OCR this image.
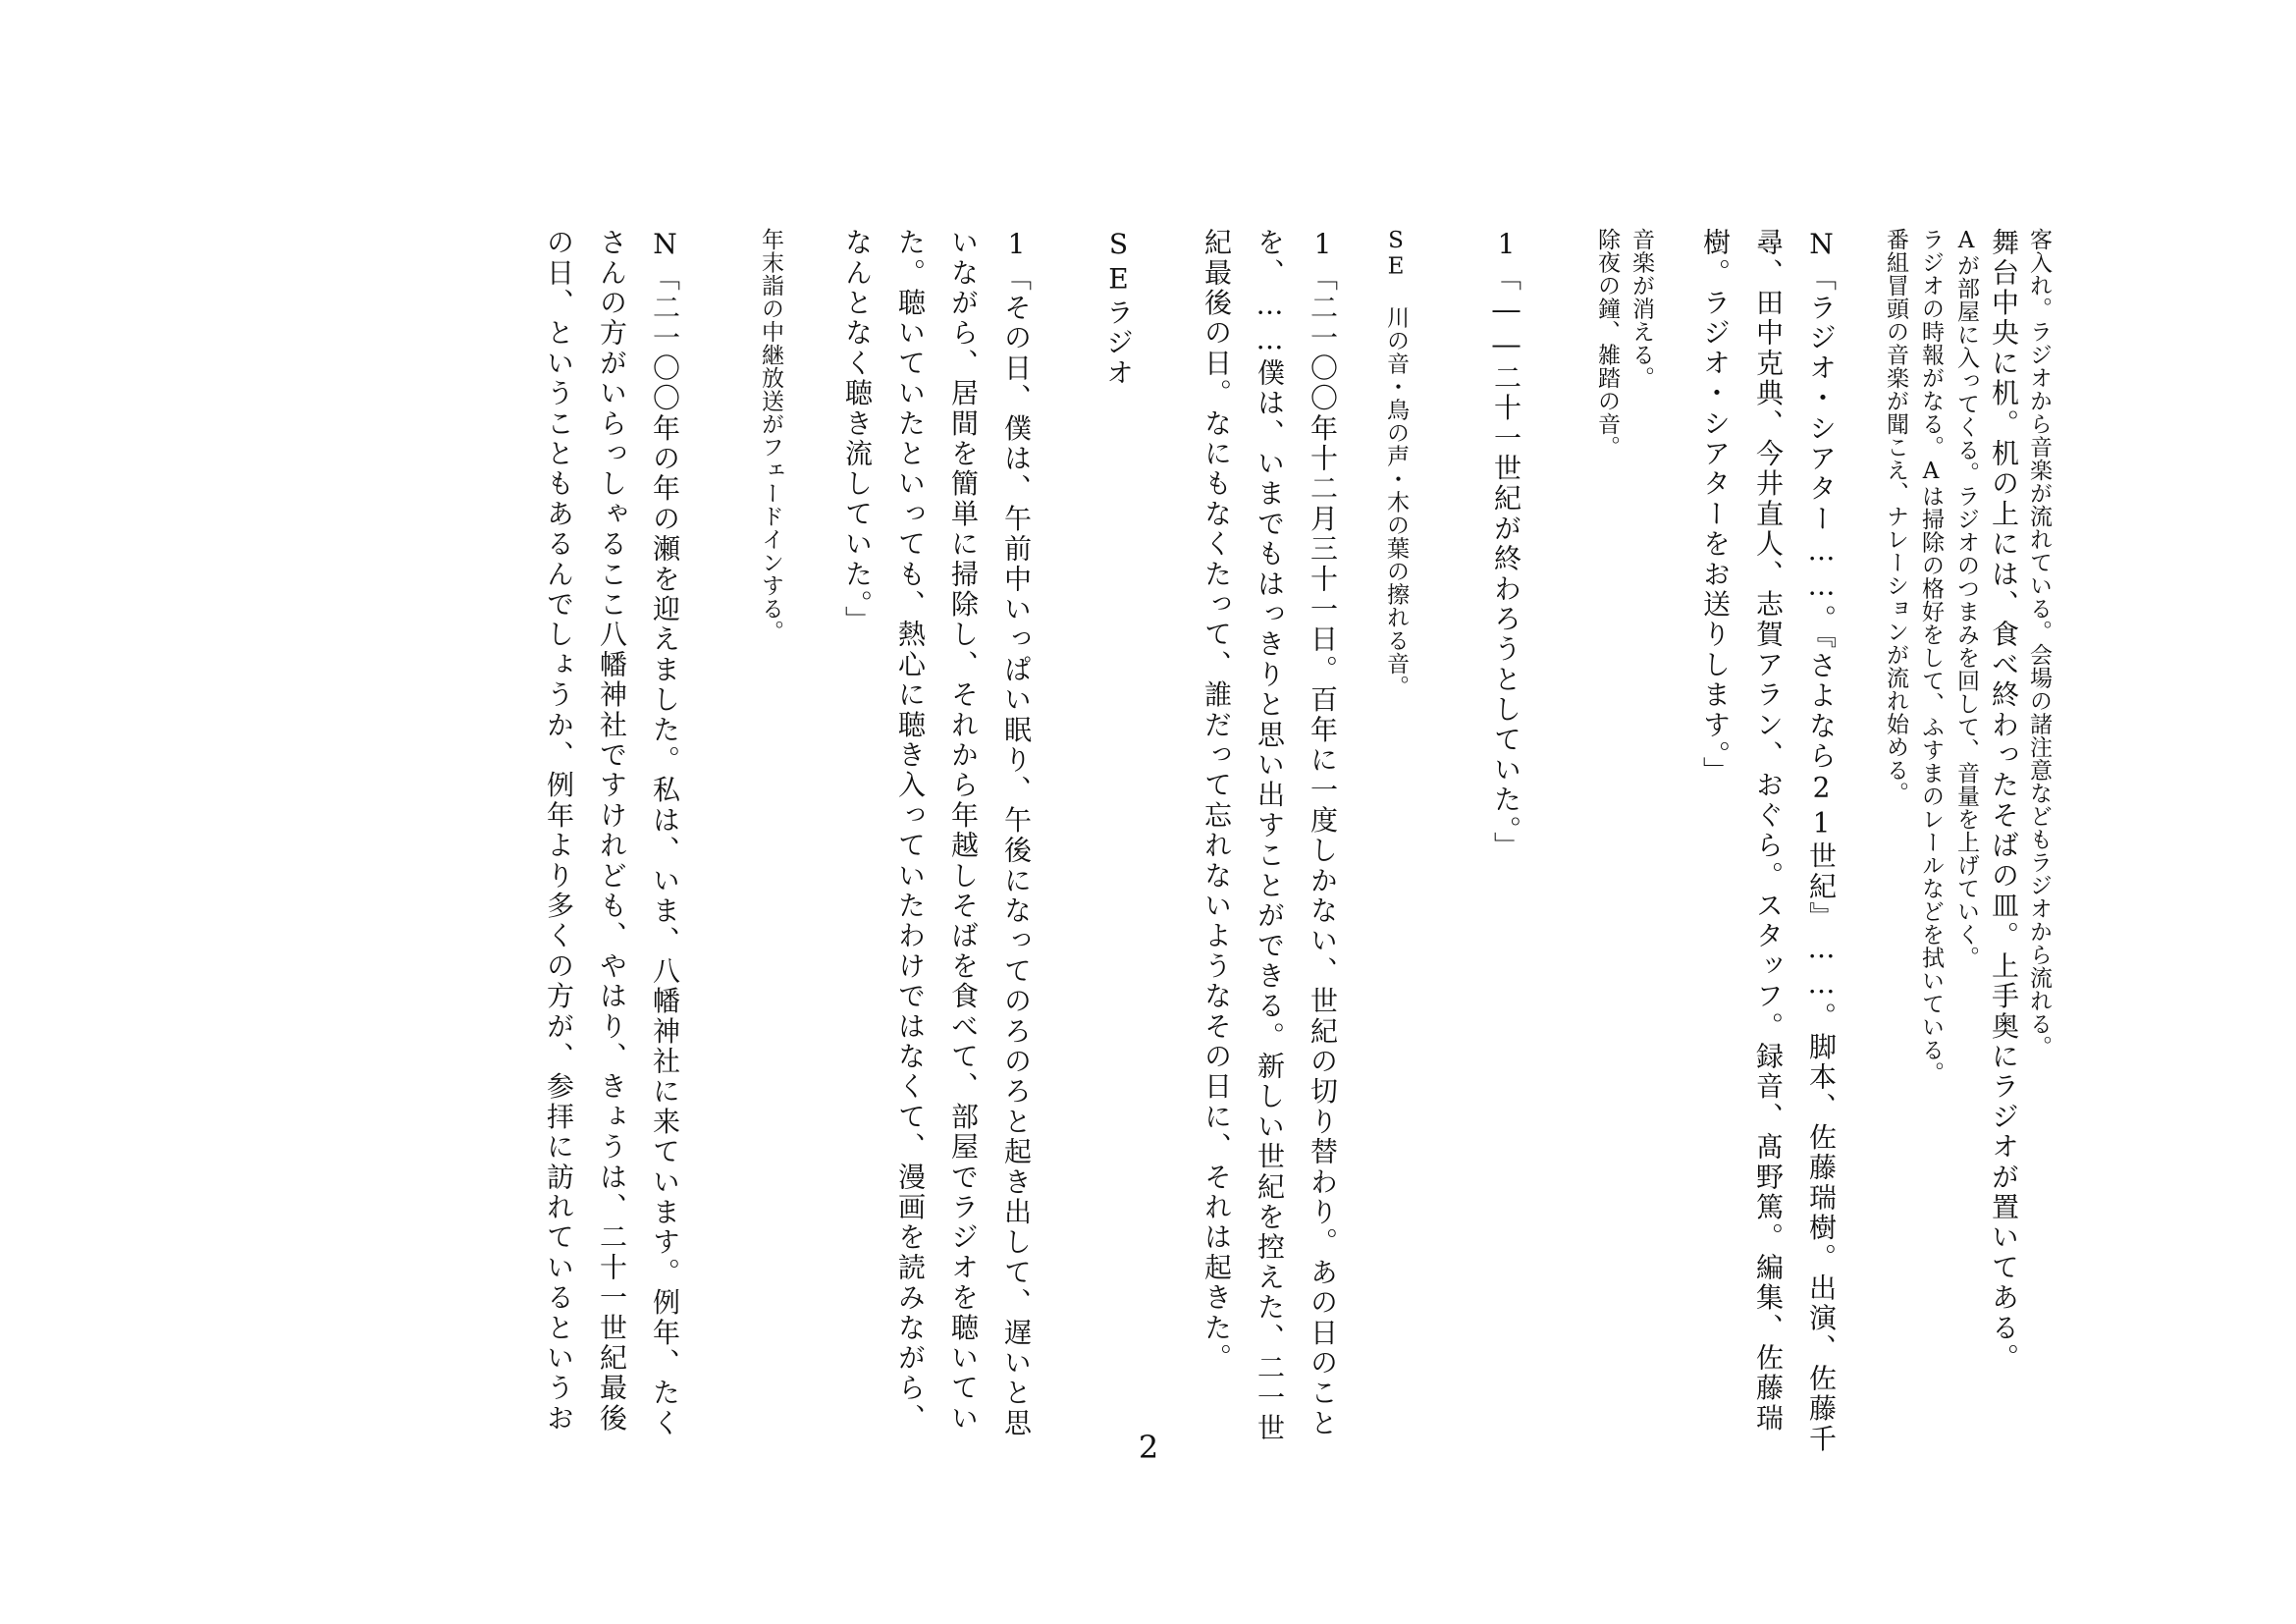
客入れ。ラジオから音楽が流れている。会場の諸注意などもラジオから流れる。
舞台中央に机。机の上には、食べ終わったそばの皿。上手奥にラジオが置いてある。
Aが部屋に入ってくる。ラジオのつまみを回して、音量を上げていく。
ラジオの時報がなる。Aは掃除の格好をして、ふすまのレールなどを拭いている。
番組冒頭の音楽が聞こえ、ナレーションが流れ始める。
N「ラジオ・シアター……。『さよなら21世紀』……。脚本、佐藤瑞樹。出演、佐藤千
尋、田中克典、今井直人、志賀アラン、おぐら。スタッフ。録音、髙野篤。編集、佐藤瑞
樹。ラジオ・シアターをお送りします。」
音楽が消える。
除夜の鐘、雑踏の音。
1「――二十一世紀が終わろうとしていた。」
SE 川の音・鳥の声・木の葉の擦れる音。
1「二一〇〇年十二月三十一日。百年に一度しかない、世紀の切り替わり。あの日のこと
を、……僕は、いまでもはっきりと思い出すことができる。新しい世紀を控えた、二一世
紀最後の日。なにもなくたって、誰だって忘れないようなその日に、それは起きた。
SEラジオ
1「その日、僕は、午前中いっぱい眠り、午後になってのろのろと起き出して、遅いと思
いながら、居間を簡単に掃除し、それから年越しそばを食べて、部屋でラジオを聴いてい
た。聴いていたといっても、熱心に聴き入っていたわけではなくて、漫画を読みながら、
なんとなく聴き流していた。」
年末詣の中継放送がフェードインする。
N「二一〇〇年の年の瀬を迎えました。私は、いま、八幡神社に来ています。例年、たく
さんの方がいらっしゃるここ八幡神社ですけれども、やはり、きょうは、二十一世紀最後
の日、ということもあるんでしょうか、例年より多くの方が、参拝に訪れているというお
2
